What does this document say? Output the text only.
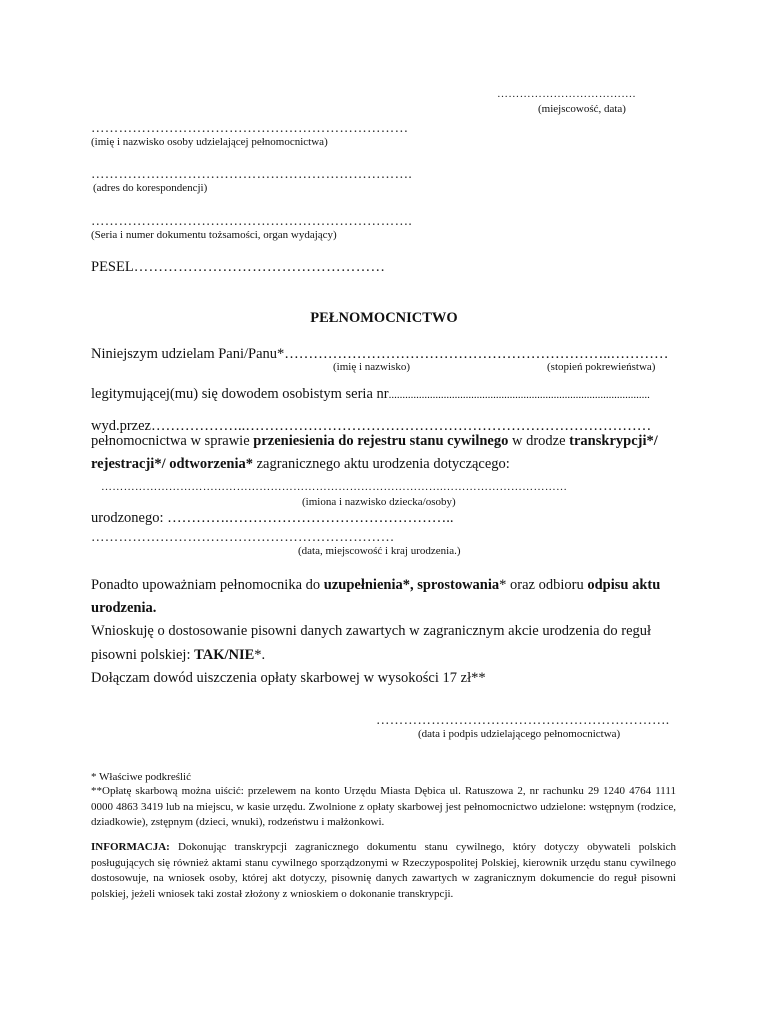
……………………………….
(miejscowość, data)
……………………………………………………………
(imię i nazwisko osoby udzielającej pełnomocnictwa)
…………………………………………………………….
(adres do korespondencji)
…………………………………………………………….
(Seria i numer dokumentu tożsamości, organ wydający)
PESEL……………………………………………
PEŁNOMOCNICTWO
Niniejszym udzielam Pani/Panu*…………………………………………………………..…………
(imię i nazwisko)	(stopień pokrewieństwa)
legitymującej(mu) się dowodem osobistym seria nr...............................................................................................
wyd.przez………………..…………………………………………………………………………
pełnomocnictwa w sprawie przeniesienia do rejestru stanu cywilnego w drodze transkrypcji*/
rejestracji*/ odtworzenia* zagranicznego aktu urodzenia dotyczącego:
……………………………………………………………………………….……………………………
(imiona i nazwisko dziecka/osoby)
urodzonego: ………….………………………………………..
…………………………………………………………
(data, miejscowość i kraj urodzenia.)
Ponadto upoważniam pełnomocnika do uzupełnienia*, sprostowania* oraz odbioru odpisu aktu
urodzenia.
Wnioskuję o dostosowanie pisowni danych zawartych w zagranicznym akcie urodzenia do reguł
pisowni polskiej: TAK/NIE*.
Dołączam dowód uiszczenia opłaty skarbowej w wysokości 17 zł**
……………………………………………………….
(data i podpis udzielającego pełnomocnictwa)
* Właściwe podkreślić
**Opłatę skarbową można uiścić: przelewem na konto Urzędu Miasta Dębica ul. Ratuszowa 2, nr rachunku 29 1240 4764 1111 0000 4863 3419 lub na miejscu, w kasie urzędu. Zwolnione z opłaty skarbowej jest pełnomocnictwo udzielone: wstępnym (rodzice, dziadkowie), zstępnym (dzieci, wnuki), rodzeństwu i małżonkowi.
INFORMACJA: Dokonując transkrypcji zagranicznego dokumentu stanu cywilnego, który dotyczy obywateli polskich posługujących się również aktami stanu cywilnego sporządzonymi w Rzeczypospolitej Polskiej, kierownik urzędu stanu cywilnego dostosowuje, na wniosek osoby, której akt dotyczy, pisownię danych zawartych w zagranicznym dokumencie do reguł pisowni polskiej, jeżeli wniosek taki został złożony z wnioskiem o dokonanie transkrypcji.
